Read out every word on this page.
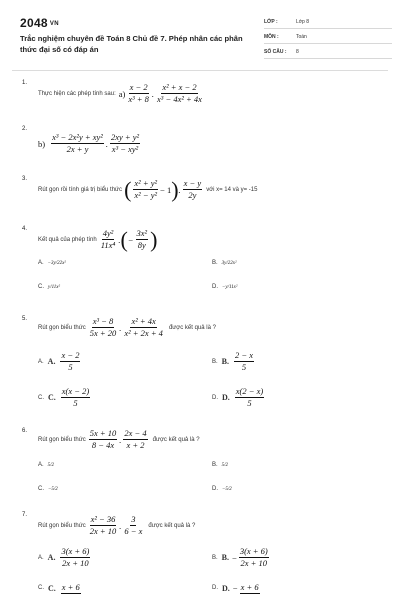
2048 VN
Trắc nghiệm chuyên đề Toán 8 Chủ đề 7. Phép nhân các phân thức đại số có đáp án
LỚP :	Lớp 8
MÔN :	Toán
SỐ CÂU : 8
1.
Thực hiện các phép tính sau: $a) \frac{x - 2}{\text{x³ + 8}}$ . $\frac{\text{x² + x − 2}}{\text{x³ − 4x² + 4x}}$
2.
$b) \frac{\text{x³ − 2x²y + xy²}}{2x + y}$ . $\frac{\text{2xy + y²}}{\text{x³ − xy²}}$
3.
Rút gọn rồi tính giá trị biểu thức ( $\frac{\text{x² + y²}}{\text{x² − y²}} - 1$ ) . $\frac{x - y}{2y}$ với x= 14 và y= -15
4.
Kết quả của phép tính $\frac{\text{4y²}}{\text{11x⁴}}$ . ( − $\frac{\text{3x²}}{8y}$ )
A. −3y/22x²	B. 3y/22x²
C. y/11x²	D. −y/11x²
5.
Rút gọn biểu thức $\frac{\text{x³ − 8}}{5x + 20}$ . $\frac{\text{x² + 4x}}{\text{x² + 2x + 4}}$ được kết quả là ?
A. A. $\frac{x - 2}{5}$	B. B. $\frac{2 - x}{5}$
C. C. $\frac{x(x - 2)}{5}$	D. D. $\frac{x(2 - x)}{5}$
6.
Rút gọn biểu thức $\frac{5x + 10}{8 - 4x}$ . $\frac{2x - 4}{x + 2}$ được kết quả là ?
A. 5/2	B. 5/2
C. −5/2	D. −5/2
7.
Rút gọn biểu thức $\frac{\text{x² − 36}}{2x + 10}$ . $\frac{3}{6 - x}$ được kết quả là ?
A. A. $\frac{3(x + 6)}{2x + 10}$	B. B. − $\frac{3(x + 6)}{2x + 10}$
C. C. x + 6	D. D. − x + 6
